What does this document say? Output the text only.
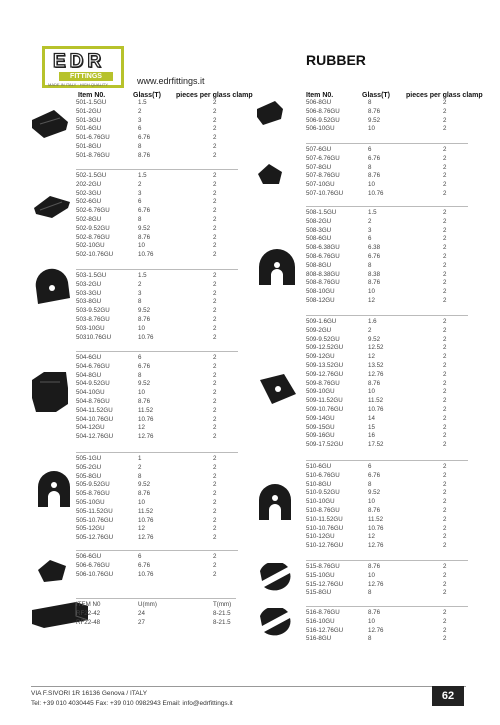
EDR
FITTINGS
MADE IN ITALY · HIGH QUALITY	www.edrfittings.it
RUBBER
Item N0.	Glass(T) pieces per glass clamp	Item N0.	Glass(T) pieces per glass clamp
501-1.5GU	1.5	2
501-2GU	2	2
501-3GU	3	2
501-6GU	6	2
501-6.76GU	6.76	2
501-8GU	8	2
501-8.76GU	8.76	2
502-1.5GU	1.5	2
202-2GU	2	2
502-3GU	3	2
502-6GU	6	2
502-6.76GU	6.76	2
502-8GU	8	2
502-9.52GU	9.52	2
502-8.76GU	8.76	2
502-10GU	10	2
502-10.76GU	10.76	2
503-1.5GU	1.5	2
503-2GU	2	2
503-3GU	3	2
503-8GU	8	2
503-9.52GU	9.52	2
503-8.76GU	8.76	2
503-10GU	10	2
50310.76GU	10.76	2
504-6GU	6	2
504-6.76GU	6.76	2
504-8GU	8	2
504-9.52GU	9.52	2
504-10GU	10	2
504-8.76GU	8.76	2
504-11.52GU	11.52	2
504-10.76GU	10.76	2
504-12GU	12	2
504-12.76GU	12.76	2
505-1GU	1	2
505-2GU	2	2
505-8GU	8	2
505-9.52GU	9.52	2
505-8.76GU	8.76	2
505-10GU	10	2
505-11.52GU	11.52	2
505-10.76GU	10.76	2
505-12GU	12	2
505-12.76GU	12.76	2
506-6GU	6	2
506-6.76GU	6.76	2
506-10.76GU	10.76	2
506-8GU	8	2
506-8.76GU	8.76	2
506-9.52GU	9.52	2
506-10GU	10	2
507-6GU	6	2
507-6.76GU	6.76	2
507-8GU	8	2
507-8.76GU	8.76	2
507-10GU	10	2
507-10.76GU	10.76	2
508-1.5GU	1.5	2
508-2GU	2	2
508-3GU	3	2
508-6GU	6	2
508-6.38GU	6.38	2
508-6.76GU	6.76	2
508-8GU	8	2
808-8.38GU	8.38	2
508-8.76GU	8.76	2
508-10GU	10	2
508-12GU	12	2
509-1.6GU	1.6	2
509-2GU	2	2
509-9.52GU	9.52	2
509-12.52GU	12.52	2
509-12GU	12	2
509-13.52GU	13.52	2
509-12.76GU	12.76	2
509-8.76GU	8.76	2
509-10GU	10	2
509-11.52GU	11.52	2
509-10.76GU	10.76	2
509-14GU	14	2
509-15GU	15	2
509-16GU	16	2
509-17.52GU	17.52	2
510-6GU	6	2
510-6.76GU	6.76	2
510-8GU	8	2
510-9.52GU	9.52	2
510-10GU	10	2
510-8.76GU	8.76	2
510-11.52GU	11.52	2
510-10.76GU	10.76	2
510-12GU	12	2
510-12.76GU	12.76	2
515-8.76GU	8.76	2
515-10GU	10	2
515-12.76GU	12.76	2
515-8GU	8	2
516-8.76GU	8.76	2
516-10GU	10	2
516-12.76GU	12.76	2
516-8GU	8	2
ITEM N0	U(mm)	T(mm)
RF22-42	24	8-21.5
RF22-48	27	8-21.5
VIA F.SIVORI 1R 16136 Genova / ITALY
Tel: +39 010 4030445 Fax: +39 010 0982943 Email: info@edrfittings.it
62
